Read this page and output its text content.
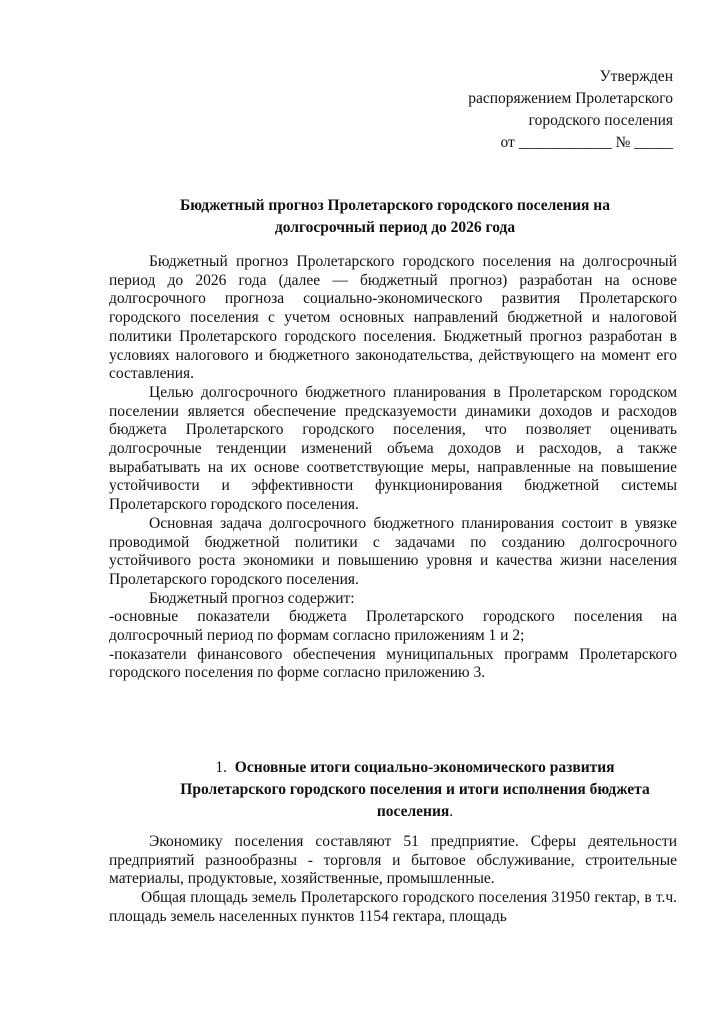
Утвержден
распоряжением Пролетарского
городского поселения
от ____________ № _____
Бюджетный прогноз Пролетарского городского поселения на
долгосрочный период до 2026 года

Бюджетный прогноз Пролетарского городского поселения на долгосрочный период до 2026 года (далее — бюджетный прогноз) разработан на основе долгосрочного прогноза социально-экономического развития Пролетарского городского поселения с учетом основных направлений бюджетной и налоговой политики Пролетарского городского поселения. Бюджетный прогноз разработан в условиях налогового и бюджетного законодательства, действующего на момент его составления.

Целью долгосрочного бюджетного планирования в Пролетарском городском поселении является обеспечение предсказуемости динамики доходов и расходов бюджета Пролетарского городского поселения, что позволяет оценивать долгосрочные тенденции изменений объема доходов и расходов, а также вырабатывать на их основе соответствующие меры, направленные на повышение устойчивости и эффективности функционирования бюджетной системы Пролетарского городского поселения.

Основная задача долгосрочного бюджетного планирования состоит в увязке проводимой бюджетной политики с задачами по созданию долгосрочного устойчивого роста экономики и повышению уровня и качества жизни населения Пролетарского городского поселения.

Бюджетный прогноз содержит:

-основные показатели бюджета Пролетарского городского поселения на долгосрочный период по формам согласно приложениям 1 и 2;

-показатели финансового обеспечения муниципальных программ Пролетарского городского поселения по форме согласно приложению 3.

1. Основные итоги социально-экономического развития
Пролетарского городского поселения и итоги исполнения бюджета
поселения.

Экономику поселения составляют 51 предприятие. Сферы деятельности предприятий разнообразны - торговля и бытовое обслуживание, строительные материалы, продуктовые, хозяйственные, промышленные.

Общая площадь земель Пролетарского городского поселения 31950 гектар, в т.ч. площадь земель населенных пунктов 1154 гектара, площадь
